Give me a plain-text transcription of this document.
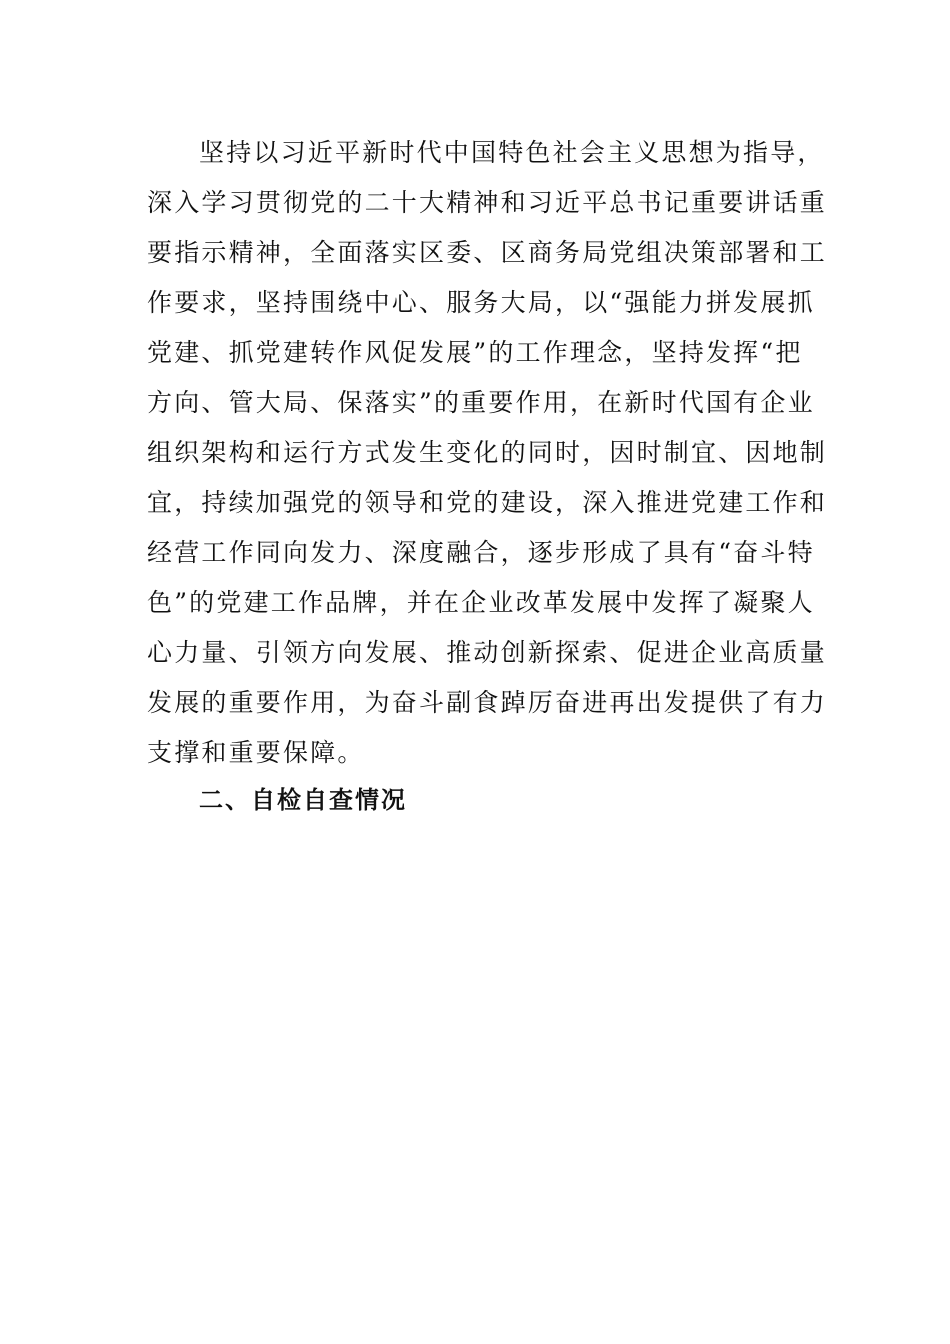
坚持以习近平新时代中国特色社会主义思想为指导，
深入学习贯彻党的二十大精神和习近平总书记重要讲话重
要指示精神，全面落实区委、区商务局党组决策部署和工
作要求，坚持围绕中心、服务大局，以“强能力拼发展抓
党建、抓党建转作风促发展”的工作理念，坚持发挥“把
方向、管大局、保落实”的重要作用，在新时代国有企业
组织架构和运行方式发生变化的同时，因时制宜、因地制
宜，持续加强党的领导和党的建设，深入推进党建工作和
经营工作同向发力、深度融合，逐步形成了具有“奋斗特
色”的党建工作品牌，并在企业改革发展中发挥了凝聚人
心力量、引领方向发展、推动创新探索、促进企业高质量
发展的重要作用，为奋斗副食踔厉奋进再出发提供了有力
支撑和重要保障。
二、自检自查情况
